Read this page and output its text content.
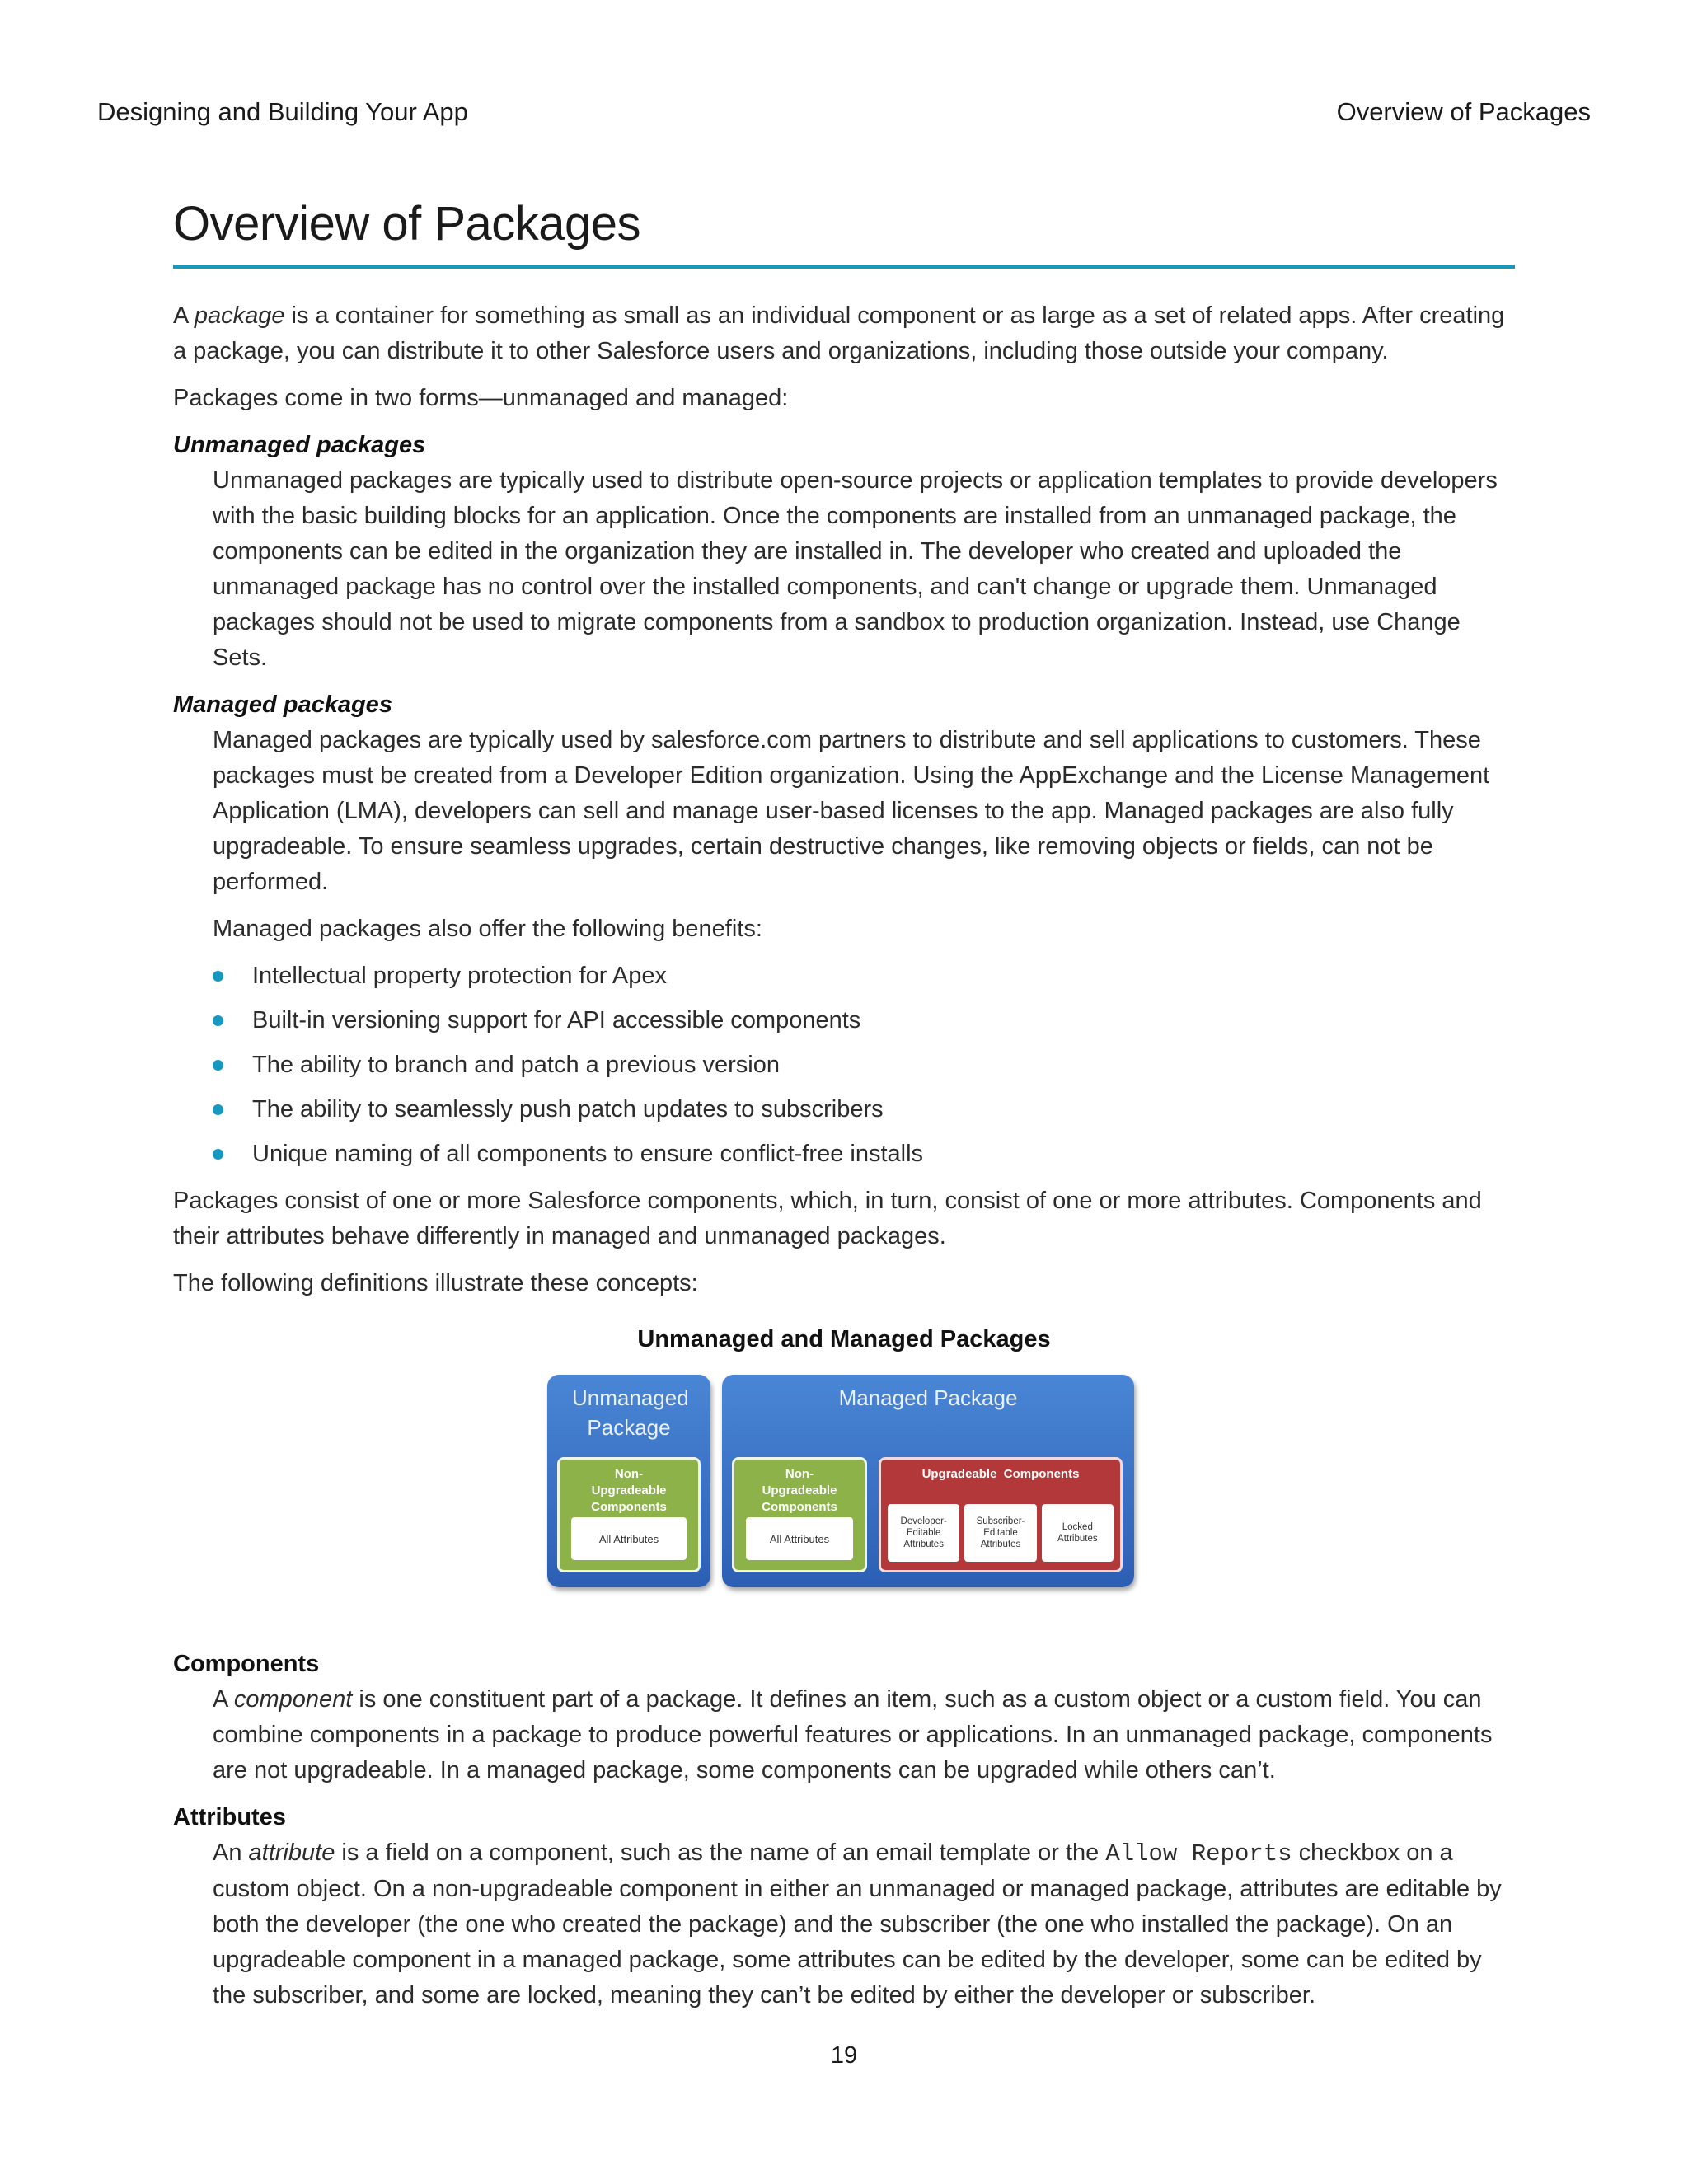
Designing and Building Your App	Overview of Packages
Overview of Packages

A package is a container for something as small as an individual component or as large as a set of related apps. After creating a package, you can distribute it to other Salesforce users and organizations, including those outside your company.

Packages come in two forms—unmanaged and managed:

Unmanaged packages

Unmanaged packages are typically used to distribute open-source projects or application templates to provide developers with the basic building blocks for an application. Once the components are installed from an unmanaged package, the components can be edited in the organization they are installed in. The developer who created and uploaded the unmanaged package has no control over the installed components, and can't change or upgrade them. Unmanaged packages should not be used to migrate components from a sandbox to production organization. Instead, use Change Sets.

Managed packages

Managed packages are typically used by salesforce.com partners to distribute and sell applications to customers. These packages must be created from a Developer Edition organization. Using the AppExchange and the License Management Application (LMA), developers can sell and manage user-based licenses to the app. Managed packages are also fully upgradeable. To ensure seamless upgrades, certain destructive changes, like removing objects or fields, can not be performed.

Managed packages also offer the following benefits:

Intellectual property protection for Apex
Built-in versioning support for API accessible components
The ability to branch and patch a previous version
The ability to seamlessly push patch updates to subscribers
Unique naming of all components to ensure conflict-free installs

Packages consist of one or more Salesforce components, which, in turn, consist of one or more attributes. Components and their attributes behave differently in managed and unmanaged packages.

The following definitions illustrate these concepts:

Unmanaged and Managed Packages
Unmanaged Package
Non-Upgradeable Components
All Attributes
Managed Package
Non-Upgradeable Components
All Attributes
Upgradeable  Components
Developer-Editable Attributes
Subscriber-Editable Attributes
Locked Attributes
Components

A component is one constituent part of a package. It defines an item, such as a custom object or a custom field. You can combine components in a package to produce powerful features or applications. In an unmanaged package, components are not upgradeable. In a managed package, some components can be upgraded while others can’t.

Attributes

An attribute is a field on a component, such as the name of an email template or the Allow Reports checkbox on a custom object. On a non-upgradeable component in either an unmanaged or managed package, attributes are editable by both the developer (the one who created the package) and the subscriber (the one who installed the package). On an upgradeable component in a managed package, some attributes can be edited by the developer, some can be edited by the subscriber, and some are locked, meaning they can’t be edited by either the developer or subscriber.

19
